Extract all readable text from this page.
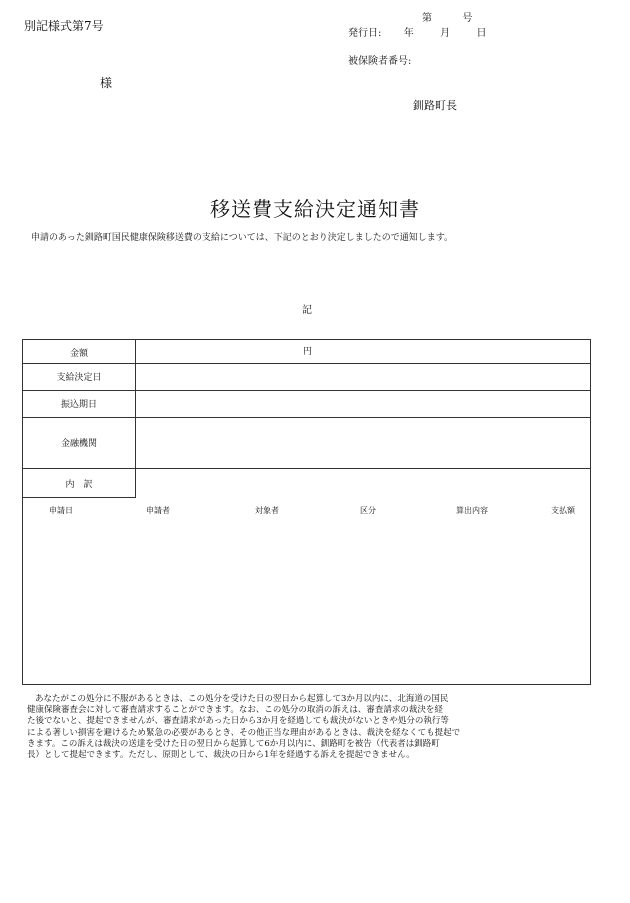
別記様式第7号
第	号
発行日: 年	月	日
被保険者番号:
様
釧路町長
移送費支給決定通知書
申請のあった釧路町国民健康保険移送費の支給については、下記のとおり決定しましたので通知します。
記
金額	円
支給決定日
振込期日
金融機関
内　訳
申請日	申請者	対象者	区分	算出内容	支払額

あなたがこの処分に不服があるときは、この処分を受けた日の翌日から起算して3か月以内に、北海道の国民

健康保険審査会に対して審査請求することができます。なお、この処分の取消の訴えは、審査請求の裁決を経

た後でないと、提起できませんが、審査請求があった日から3か月を経過しても裁決がないときや処分の執行等

による著しい損害を避けるため緊急の必要があるとき、その他正当な理由があるときは、裁決を経なくても提起で

きます。この訴えは裁決の送達を受けた日の翌日から起算して6か月以内に、釧路町を被告（代表者は釧路町

長）として提起できます。ただし、原則として、裁決の日から1年を経過する訴えを提起できません。
